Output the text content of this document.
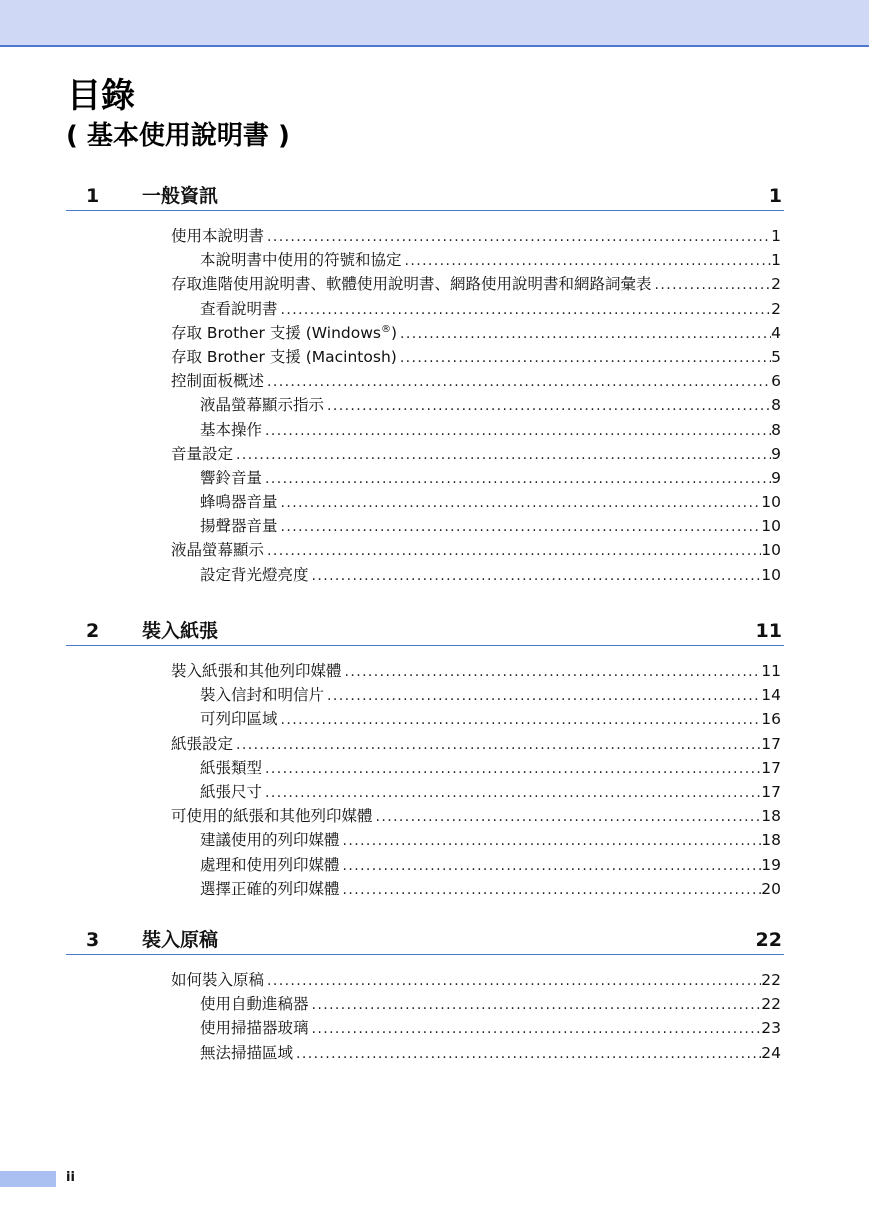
目錄
( 基本使用說明書 )
1 一般資訊	1
使用本說明書 .....	1
本說明書中使用的符號和協定 .....	1
存取進階使用說明書、軟體使用說明書、網路使用說明書和網路詞彙表 .....	2
查看說明書 .....	2
存取 Brother 支援 (Windows®) .....	4
存取 Brother 支援 (Macintosh) .....	5
控制面板概述 .....	6
液晶螢幕顯示指示 .....	8
基本操作 .....	8
音量設定 .....	9
響鈴音量 .....	9
蜂鳴器音量 .....	10
揚聲器音量 .....	10
液晶螢幕顯示 .....	10
設定背光燈亮度 .....	10
2 裝入紙張	11
裝入紙張和其他列印媒體 .....	11
裝入信封和明信片 .....	14
可列印區域 .....	16
紙張設定 .....	17
紙張類型 .....	17
紙張尺寸 .....	17
可使用的紙張和其他列印媒體 .....	18
建議使用的列印媒體 .....	18
處理和使用列印媒體 .....	19
選擇正確的列印媒體 .....	20
3 裝入原稿	22
如何裝入原稿 .....	22
使用自動進稿器 .....	22
使用掃描器玻璃 .....	23
無法掃描區域 .....	24
ii
